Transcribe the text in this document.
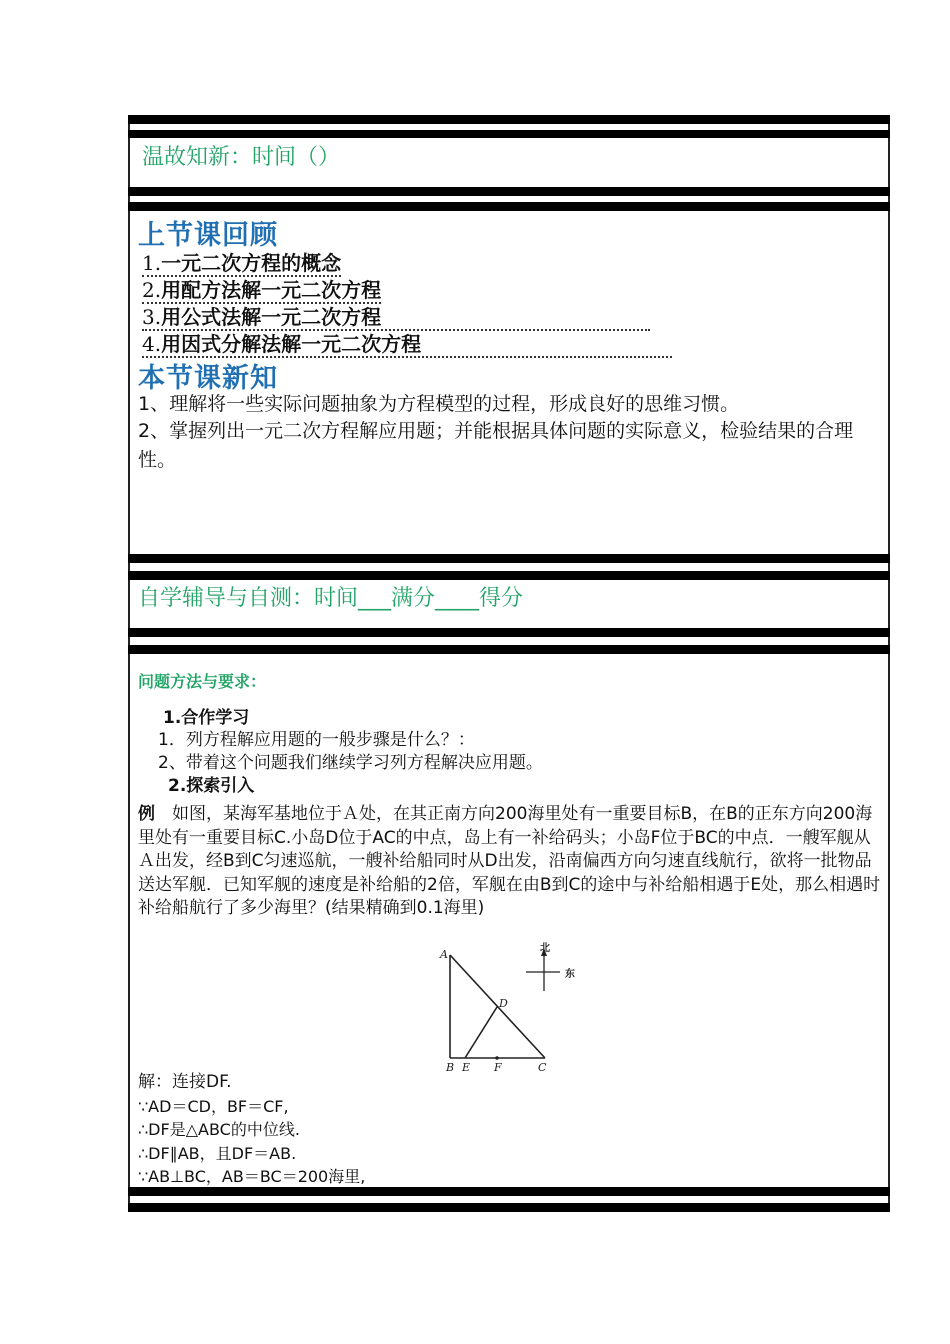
温故知新：时间（）
上节课回顾
1.一元二次方程的概念
2.用配方法解一元二次方程
3.用公式法解一元二次方程
4.用因式分解法解一元二次方程
本节课新知
1、理解将一些实际问题抽象为方程模型的过程，形成良好的思维习惯。
2、掌握列出一元二次方程解应用题；并能根据具体问题的实际意义，检验结果的合理性。
自学辅导与自测：时间___满分____得分
问题方法与要求：
1.合作学习
1．列方程解应用题的一般步骤是什么？：
2、带着这个问题我们继续学习列方程解决应用题。
2.探索引入
例　如图，某海军基地位于Ａ处，在其正南方向200海里处有一重要目标B，在B的正东方向200海里处有一重要目标C.小岛D位于AC的中点，岛上有一补给码头；小岛F位于BC的中点．一艘军舰从Ａ出发，经B到C匀速巡航，一艘补给船同时从D出发，沿南偏西方向匀速直线航行，欲将一批物品送达军舰．已知军舰的速度是补给船的2倍，军舰在由B到C的途中与补给船相遇于E处，那么相遇时补给船航行了多少海里？(结果精确到0.1海里)
A
B E F	C
D
北
东
解：连接DF.
∵AD＝CD，BF＝CF,
∴DF是△ABC的中位线.
∴DF∥AB，且DF＝AB.
∵AB⊥BC，AB＝BC＝200海里,
